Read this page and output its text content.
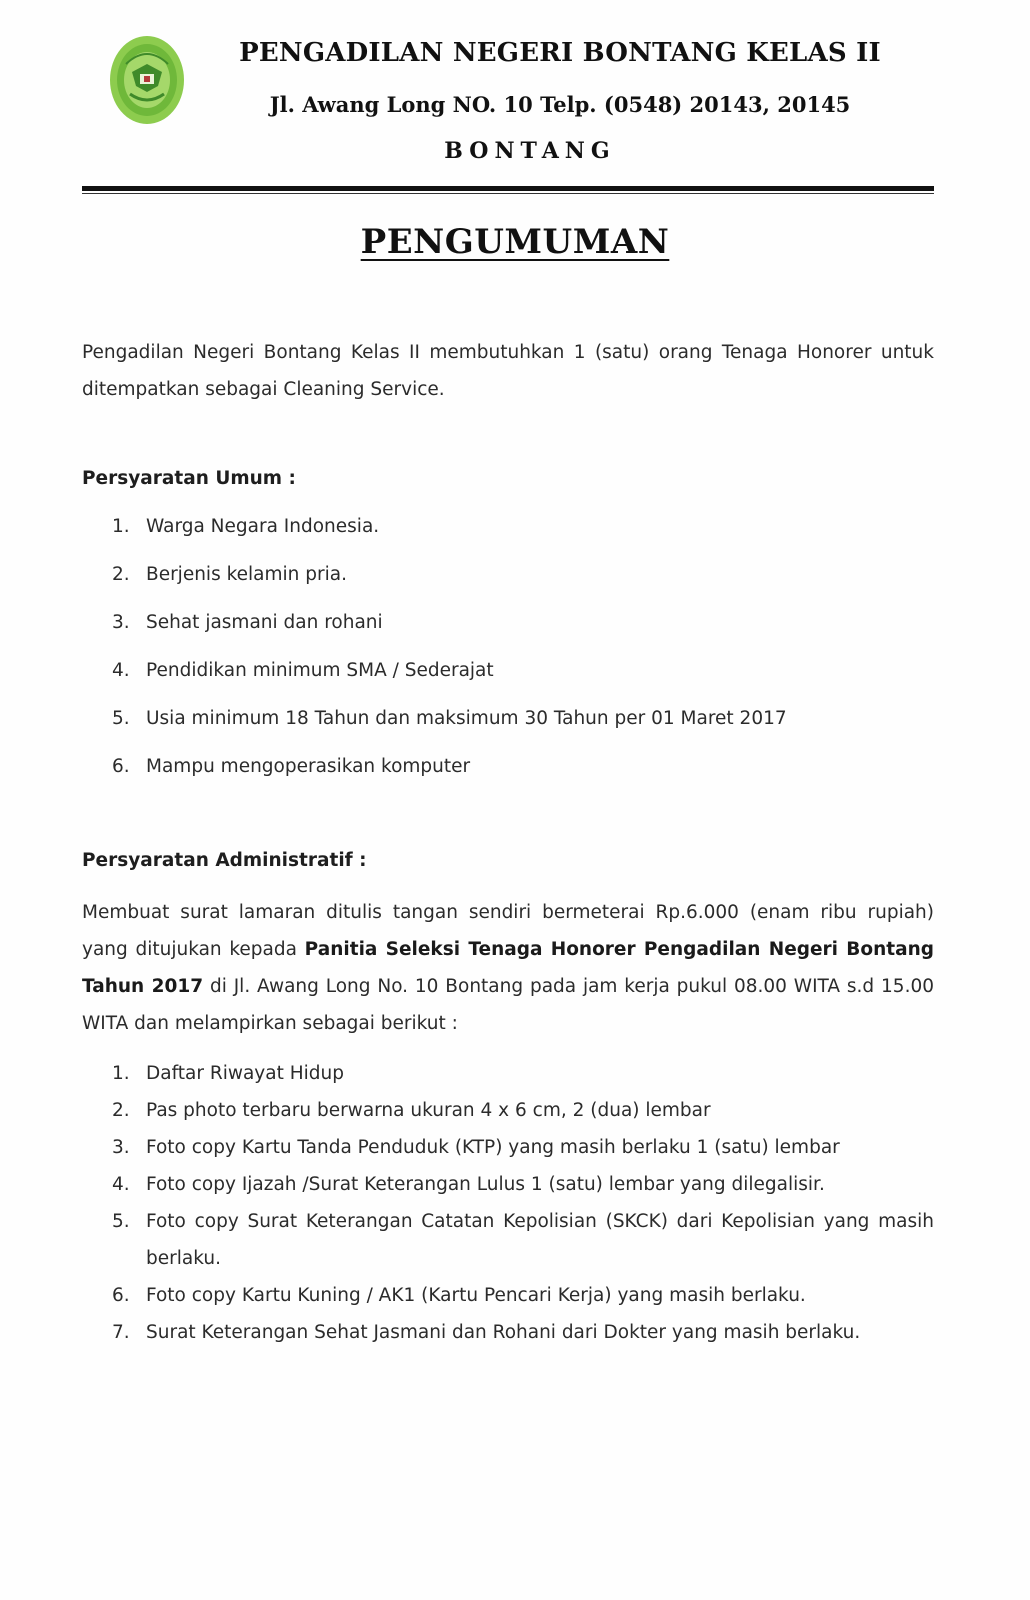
PENGADILAN NEGERI BONTANG KELAS II
Jl. Awang Long NO. 10 Telp. (0548) 20143, 20145
BONTANG
PENGUMUMAN
Pengadilan Negeri Bontang Kelas II membutuhkan 1 (satu) orang Tenaga Honorer untuk
ditempatkan sebagai Cleaning Service.
Persyaratan Umum :
1. Warga Negara Indonesia.
2. Berjenis kelamin pria.
3. Sehat jasmani dan rohani
4. Pendidikan minimum SMA / Sederajat
5. Usia minimum 18 Tahun dan maksimum 30 Tahun per 01 Maret 2017
6. Mampu mengoperasikan komputer
Persyaratan Administratif :
Membuat surat lamaran ditulis tangan sendiri bermeterai Rp.6.000 (enam ribu rupiah)
yang ditujukan kepada Panitia Seleksi Tenaga Honorer Pengadilan Negeri Bontang
Tahun 2017 di Jl. Awang Long No. 10 Bontang pada jam kerja pukul 08.00 WITA s.d 15.00
WITA dan melampirkan sebagai berikut :
1. Daftar Riwayat Hidup
2. Pas photo terbaru berwarna ukuran 4 x 6 cm, 2 (dua) lembar
3. Foto copy Kartu Tanda Penduduk (KTP) yang masih berlaku 1 (satu) lembar
4. Foto copy Ijazah /Surat Keterangan Lulus 1 (satu) lembar yang dilegalisir.
5. Foto copy Surat Keterangan Catatan Kepolisian (SKCK) dari Kepolisian yang masih
berlaku.
6. Foto copy Kartu Kuning / AK1 (Kartu Pencari Kerja) yang masih berlaku.
7. Surat Keterangan Sehat Jasmani dan Rohani dari Dokter yang masih berlaku.
